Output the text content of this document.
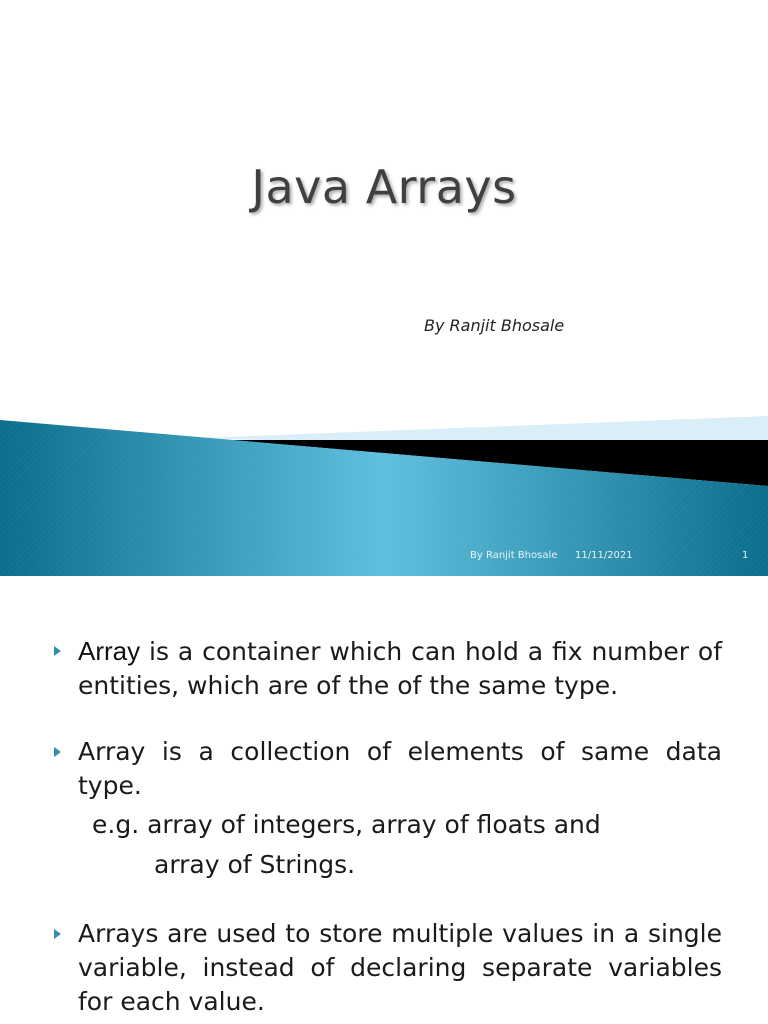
Java Arrays

By Ranjit Bhosale

By Ranjit Bhosale 11/11/2021	1

Array is a container which can hold a fix number of entities, which are of the of the same type.
Array is a collection of elements of same data type.
e.g. array of integers, array of floats and
array of Strings.
Arrays are used to store multiple values in a single variable, instead of declaring separate variables for each value.
